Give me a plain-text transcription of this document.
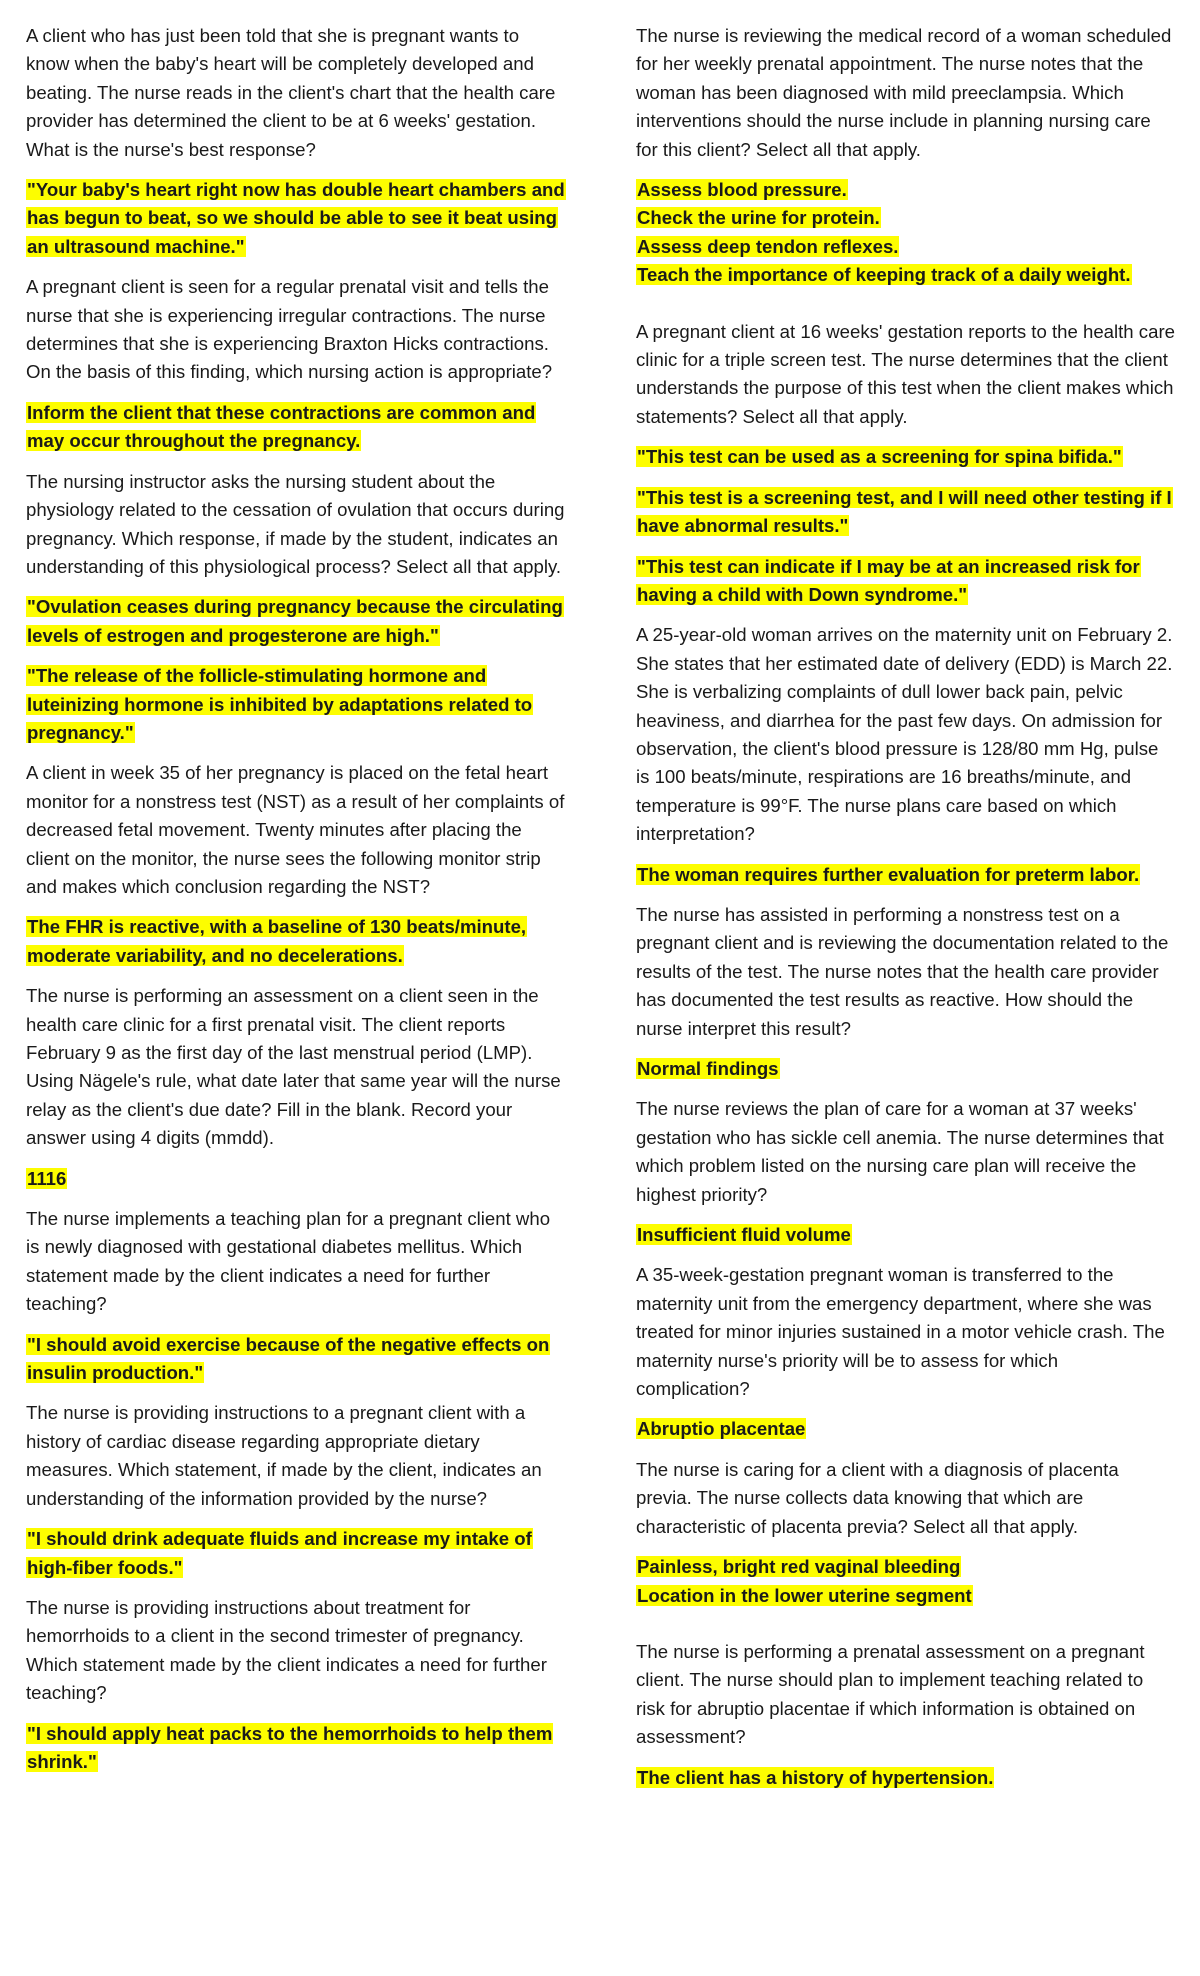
A client who has just been told that she is pregnant wants to know when the baby's heart will be completely developed and beating. The nurse reads in the client's chart that the health care provider has determined the client to be at 6 weeks' gestation. What is the nurse's best response?

"Your baby's heart right now has double heart chambers and has begun to beat, so we should be able to see it beat using an ultrasound machine."

A pregnant client is seen for a regular prenatal visit and tells the nurse that she is experiencing irregular contractions. The nurse determines that she is experiencing Braxton Hicks contractions. On the basis of this finding, which nursing action is appropriate?

Inform the client that these contractions are common and may occur throughout the pregnancy.

The nursing instructor asks the nursing student about the physiology related to the cessation of ovulation that occurs during pregnancy. Which response, if made by the student, indicates an understanding of this physiological process? Select all that apply.

"Ovulation ceases during pregnancy because the circulating levels of estrogen and progesterone are high."

"The release of the follicle-stimulating hormone and luteinizing hormone is inhibited by adaptations related to pregnancy."

A client in week 35 of her pregnancy is placed on the fetal heart monitor for a nonstress test (NST) as a result of her complaints of decreased fetal movement. Twenty minutes after placing the client on the monitor, the nurse sees the following monitor strip and makes which conclusion regarding the NST?

The FHR is reactive, with a baseline of 130 beats/minute, moderate variability, and no decelerations.

The nurse is performing an assessment on a client seen in the health care clinic for a first prenatal visit. The client reports February 9 as the first day of the last menstrual period (LMP). Using Nägele's rule, what date later that same year will the nurse relay as the client's due date? Fill in the blank. Record your answer using 4 digits (mmdd).

1116

The nurse implements a teaching plan for a pregnant client who is newly diagnosed with gestational diabetes mellitus. Which statement made by the client indicates a need for further teaching?

"I should avoid exercise because of the negative effects on insulin production."

The nurse is providing instructions to a pregnant client with a history of cardiac disease regarding appropriate dietary measures. Which statement, if made by the client, indicates an understanding of the information provided by the nurse?

"I should drink adequate fluids and increase my intake of high-fiber foods."

The nurse is providing instructions about treatment for hemorrhoids to a client in the second trimester of pregnancy. Which statement made by the client indicates a need for further teaching?

"I should apply heat packs to the hemorrhoids to help them shrink."

The nurse is reviewing the medical record of a woman scheduled for her weekly prenatal appointment. The nurse notes that the woman has been diagnosed with mild preeclampsia. Which interventions should the nurse include in planning nursing care for this client? Select all that apply.

Assess blood pressure.

Check the urine for protein.

Assess deep tendon reflexes.

Teach the importance of keeping track of a daily weight.

A pregnant client at 16 weeks' gestation reports to the health care clinic for a triple screen test. The nurse determines that the client understands the purpose of this test when the client makes which statements? Select all that apply.

"This test can be used as a screening for spina bifida."

"This test is a screening test, and I will need other testing if I have abnormal results."

"This test can indicate if I may be at an increased risk for having a child with Down syndrome."

A 25-year-old woman arrives on the maternity unit on February 2. She states that her estimated date of delivery (EDD) is March 22. She is verbalizing complaints of dull lower back pain, pelvic heaviness, and diarrhea for the past few days. On admission for observation, the client's blood pressure is 128/80 mm Hg, pulse is 100 beats/minute, respirations are 16 breaths/minute, and temperature is 99°F. The nurse plans care based on which interpretation?

The woman requires further evaluation for preterm labor.

The nurse has assisted in performing a nonstress test on a pregnant client and is reviewing the documentation related to the results of the test. The nurse notes that the health care provider has documented the test results as reactive. How should the nurse interpret this result?

Normal findings

The nurse reviews the plan of care for a woman at 37 weeks' gestation who has sickle cell anemia. The nurse determines that which problem listed on the nursing care plan will receive the highest priority?

Insufficient fluid volume

A 35-week-gestation pregnant woman is transferred to the maternity unit from the emergency department, where she was treated for minor injuries sustained in a motor vehicle crash. The maternity nurse's priority will be to assess for which complication?

Abruptio placentae

The nurse is caring for a client with a diagnosis of placenta previa. The nurse collects data knowing that which are characteristic of placenta previa? Select all that apply.

Painless, bright red vaginal bleeding

Location in the lower uterine segment

The nurse is performing a prenatal assessment on a pregnant client. The nurse should plan to implement teaching related to risk for abruptio placentae if which information is obtained on assessment?

The client has a history of hypertension.
